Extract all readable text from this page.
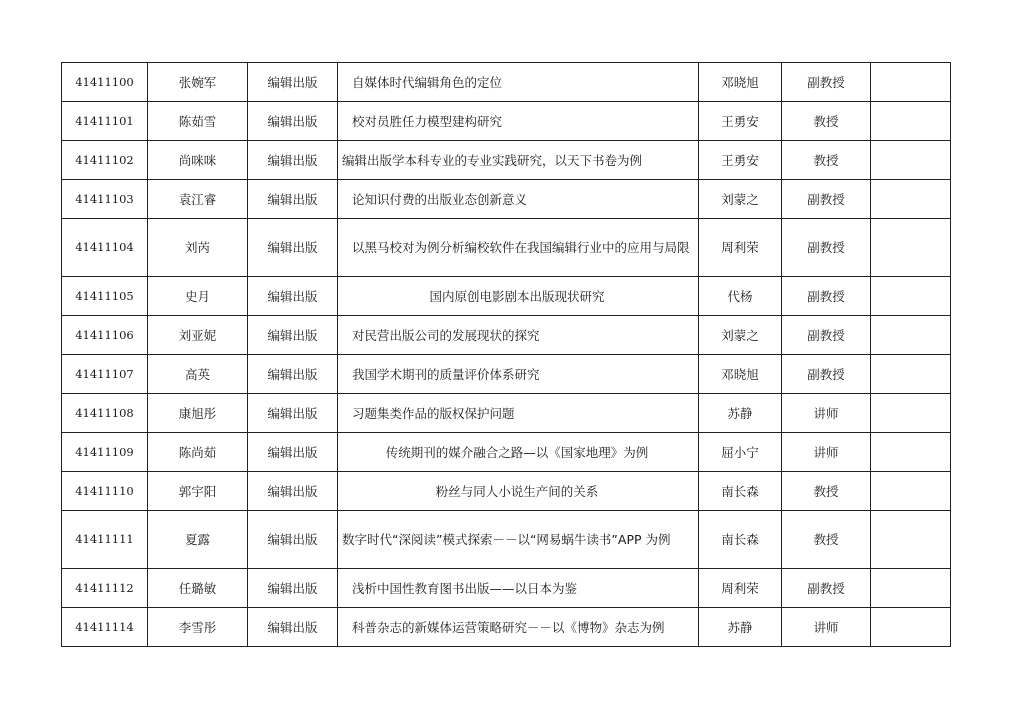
41411100	张婉军	编辑出版	自媒体时代编辑角色的定位	邓晓旭	副教授	
41411101	陈茹雪	编辑出版	校对员胜任力模型建构研究	王勇安	教授	
41411102	尚咪咪	编辑出版	编辑出版学本科专业的专业实践研究，以天下书卷为例	王勇安	教授	
41411103	袁江睿	编辑出版	论知识付费的出版业态创新意义	刘蒙之	副教授	
41411104	刘芮	编辑出版	以黑马校对为例分析编校软件在我国编辑行业中的应用与局限	周利荣	副教授	
41411105	史月	编辑出版	国内原创电影剧本出版现状研究	代杨	副教授	
41411106	刘亚妮	编辑出版	对民营出版公司的发展现状的探究	刘蒙之	副教授	
41411107	高英	编辑出版	我国学术期刊的质量评价体系研究	邓晓旭	副教授	
41411108	康旭彤	编辑出版	习题集类作品的版权保护问题	苏静	讲师	
41411109	陈尚茹	编辑出版	传统期刊的媒介融合之路—以《国家地理》为例	屈小宁	讲师	
41411110	郭宇阳	编辑出版	粉丝与同人小说生产间的关系	南长森	教授	
41411111	夏露	编辑出版	数字时代“深阅读”模式探索－－以“网易蜗牛读书”APP 为例	南长森	教授	
41411112	任璐敏	编辑出版	浅析中国性教育图书出版——以日本为鉴	周利荣	副教授	
41411114	李雪彤	编辑出版	科普杂志的新媒体运营策略研究－－以《博物》杂志为例	苏静	讲师	
